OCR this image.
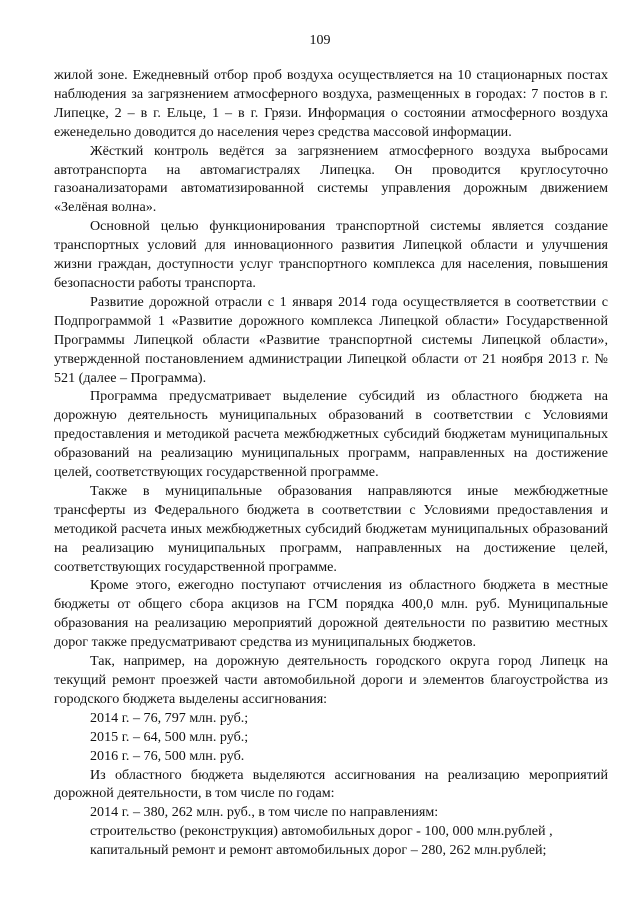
109

жилой зоне. Ежедневный отбор проб воздуха осуществляется на 10 стационарных постах наблюдения за загрязнением атмосферного воздуха, размещенных в городах: 7 постов в г. Липецке, 2 – в г. Ельце, 1 – в г. Грязи. Информация о состоянии атмосферного воздуха еженедельно доводится до населения через средства массовой информации.

Жёсткий контроль ведётся за загрязнением атмосферного воздуха выбросами автотранспорта на автомагистралях Липецка. Он проводится круглосуточно газоанализаторами автоматизированной системы управления дорожным движением «Зелёная волна».

Основной целью функционирования транспортной системы является создание транспортных условий для инновационного развития Липецкой области и улучшения жизни граждан, доступности услуг транспортного комплекса для населения, повышения безопасности работы транспорта.

Развитие дорожной отрасли с 1 января 2014 года осуществляется в соответствии с Подпрограммой 1 «Развитие дорожного комплекса Липецкой области» Государственной Программы Липецкой области «Развитие транспортной системы Липецкой области», утвержденной постановлением администрации Липецкой области от 21 ноября 2013 г. № 521 (далее – Программа).

Программа предусматривает выделение субсидий из областного бюджета на дорожную деятельность муниципальных образований в соответствии с Условиями предоставления и методикой расчета межбюджетных субсидий бюджетам муниципальных образований на реализацию муниципальных программ, направленных на достижение целей, соответствующих государственной программе.

Также в муниципальные образования направляются иные межбюджетные трансферты из Федерального бюджета в соответствии с Условиями предоставления и методикой расчета иных межбюджетных субсидий бюджетам муниципальных образований на реализацию муниципальных программ, направленных на достижение целей, соответствующих государственной программе.

Кроме этого, ежегодно поступают отчисления из областного бюджета в местные бюджеты от общего сбора акцизов на ГСМ порядка 400,0 млн. руб. Муниципальные образования на реализацию мероприятий дорожной деятельности по развитию местных дорог также предусматривают средства из муниципальных бюджетов.

Так, например, на дорожную деятельность городского округа город Липецк на текущий ремонт проезжей части автомобильной дороги и элементов благоустройства из городского бюджета выделены ассигнования:

2014 г. – 76, 797 млн. руб.;

2015 г. – 64, 500 млн. руб.;

2016 г. – 76, 500 млн. руб.

Из областного бюджета выделяются ассигнования на реализацию мероприятий дорожной деятельности, в том числе по годам:

2014 г. – 380, 262 млн. руб., в том числе по направлениям:

строительство (реконструкция) автомобильных дорог - 100, 000 млн.рублей ,

капитальный ремонт и ремонт автомобильных дорог – 280, 262 млн.рублей;
